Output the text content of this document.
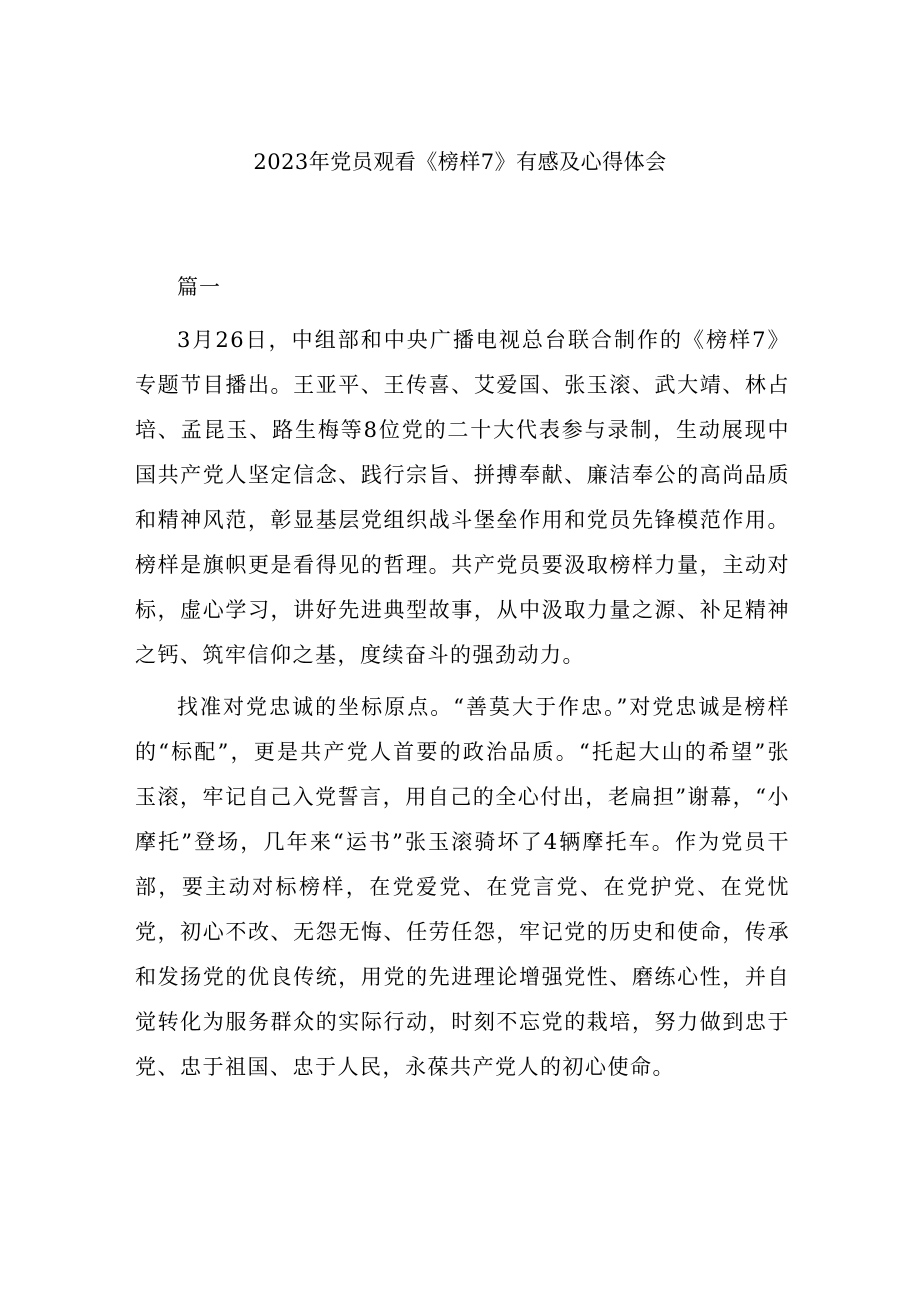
2023年党员观看《榜样7》有感及心得体会

篇一

3月26日，中组部和中央广播电视总台联合制作的《榜样7》专题节目播出。王亚平、王传喜、艾爱国、张玉滚、武大靖、林占培、孟昆玉、路生梅等8位党的二十大代表参与录制，生动展现中国共产党人坚定信念、践行宗旨、拼搏奉献、廉洁奉公的高尚品质和精神风范，彰显基层党组织战斗堡垒作用和党员先锋模范作用。榜样是旗帜更是看得见的哲理。共产党员要汲取榜样力量，主动对标，虚心学习，讲好先进典型故事，从中汲取力量之源、补足精神之钙、筑牢信仰之基，度续奋斗的强劲动力。

找准对党忠诚的坐标原点。“善莫大于作忠。”对党忠诚是榜样的“标配”，更是共产党人首要的政治品质。“托起大山的希望”张玉滚，牢记自己入党誓言，用自己的全心付出，老扁担”谢幕，“小摩托”登场，几年来“运书”张玉滚骑坏了4辆摩托车。作为党员干部，要主动对标榜样，在党爱党、在党言党、在党护党、在党忧党，初心不改、无怨无悔、任劳任怨，牢记党的历史和使命，传承和发扬党的优良传统，用党的先进理论增强党性、磨练心性，并自觉转化为服务群众的实际行动，时刻不忘党的栽培，努力做到忠于党、忠于祖国、忠于人民，永葆共产党人的初心使命。
